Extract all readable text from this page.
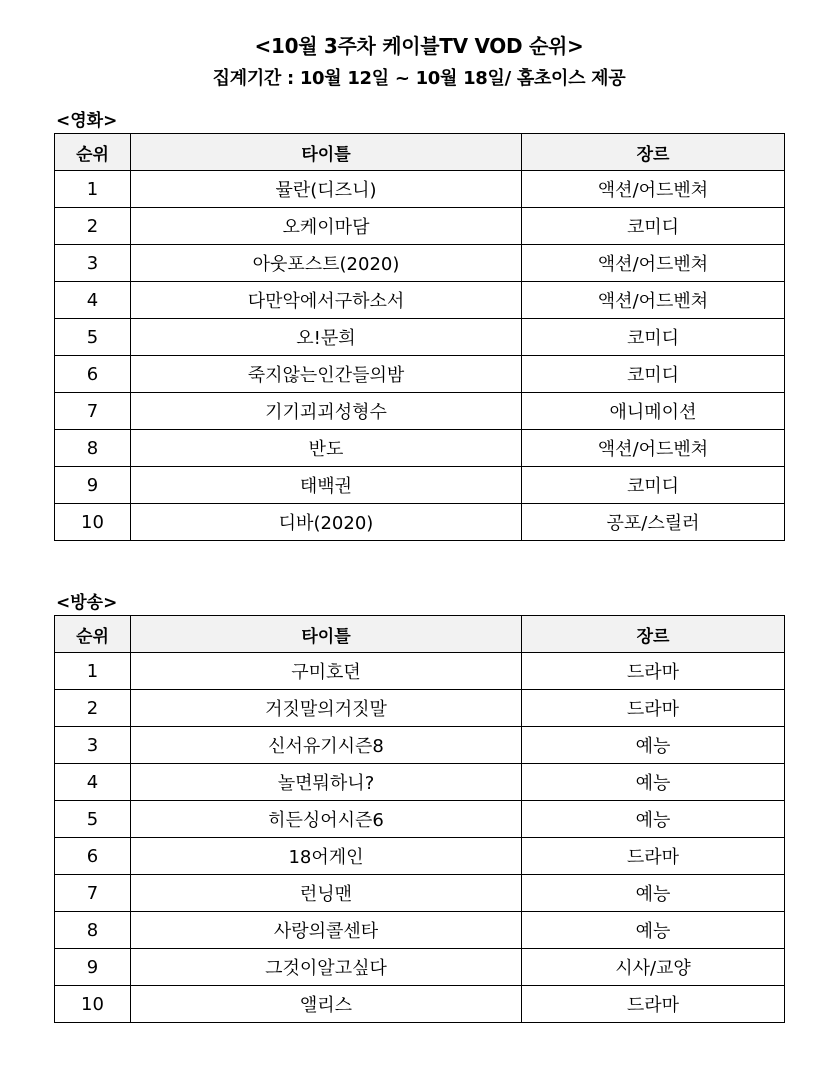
<10월 3주차 케이블TV VOD 순위>
집계기간 : 10월 12일 ~ 10월 18일/ 홈초이스 제공
<영화>
순위	타이틀	장르
1	뮬란(디즈니)	액션/어드벤쳐
2	오케이마담	코미디
3	아웃포스트(2020)	액션/어드벤쳐
4	다만악에서구하소서	액션/어드벤쳐
5	오!문희	코미디
6	죽지않는인간들의밤	코미디
7	기기괴괴성형수	애니메이션
8	반도	액션/어드벤쳐
9	태백권	코미디
10	디바(2020)	공포/스릴러
<방송>
순위	타이틀	장르
1	구미호뎐	드라마
2	거짓말의거짓말	드라마
3	신서유기시즌8	예능
4	놀면뭐하니?	예능
5	히든싱어시즌6	예능
6	18어게인	드라마
7	런닝맨	예능
8	사랑의콜센타	예능
9	그것이알고싶다	시사/교양
10	앨리스	드라마
